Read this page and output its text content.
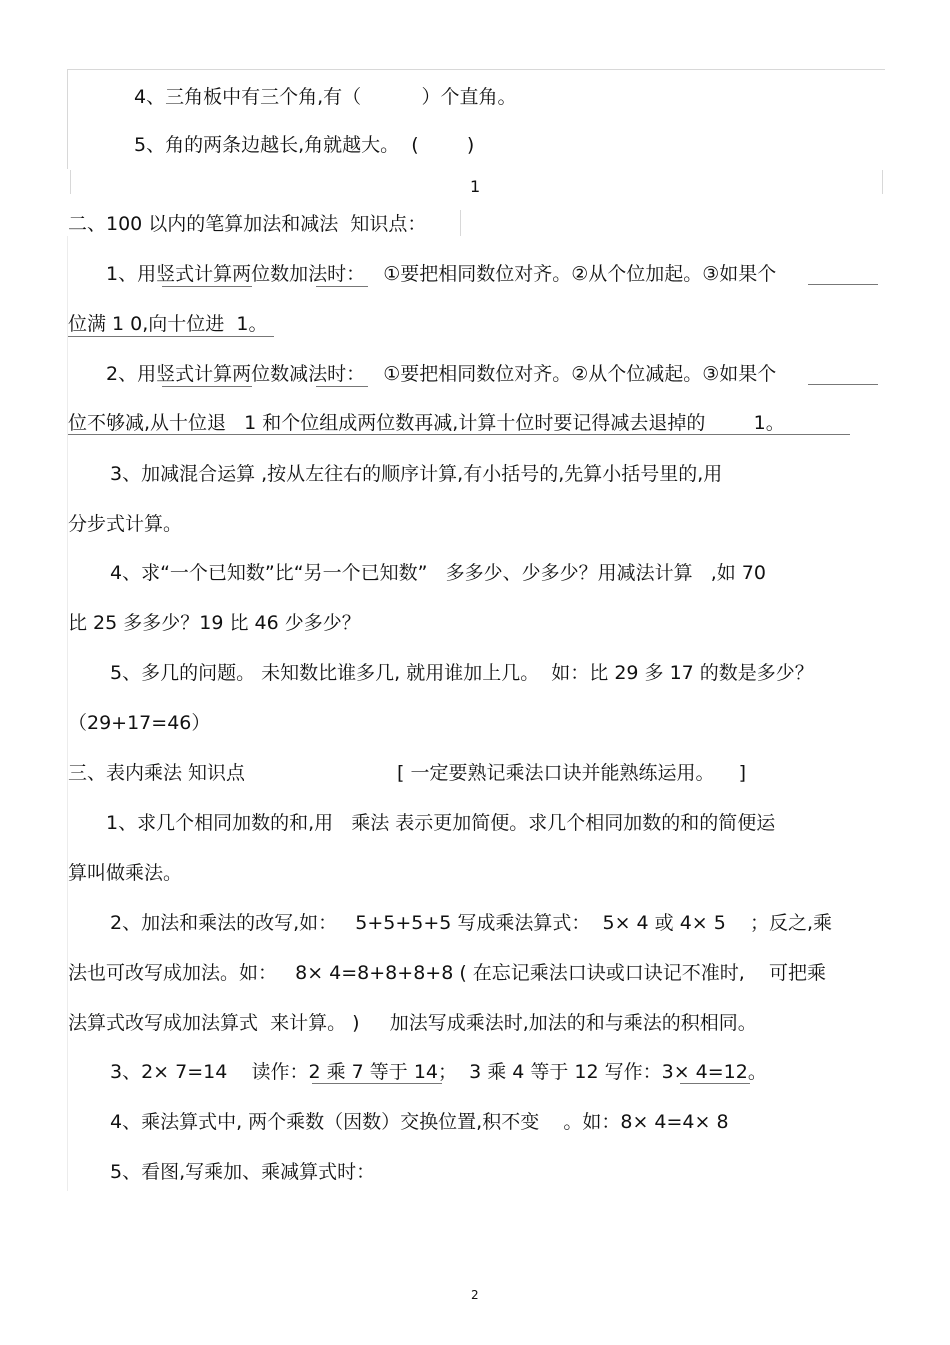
4、三角板中有三个角,有（          ）个直角。
5、角的两条边越长,角就越大。  (        )
1
二、100 以内的笔算加法和减法  知识点：
1、用竖式计算两位数加法时：   ①要把相同数位对齐。②从个位加起。③如果个
位满 1 0,向十位进  1。
2、用竖式计算两位数减法时：   ①要把相同数位对齐。②从个位减起。③如果个
位不够减,从十位退   1 和个位组成两位数再减,计算十位时要记得减去退掉的        1。
3、加减混合运算 ,按从左往右的顺序计算,有小括号的,先算小括号里的,用
分步式计算。
4、求“一个已知数”比“另一个已知数”   多多少、少多少？用减法计算   ,如 70
比 25 多多少？19 比 46 少多少？
5、多几的问题。 未知数比谁多几, 就用谁加上几。  如：比 29 多 17 的数是多少？
（29+17=46）
三、表内乘法 知识点	[ 一定要熟记乘法口诀并能熟练运用。    ]
1、求几个相同加数的和,用   乘法 表示更加简便。求几个相同加数的和的简便运
算叫做乘法。
2、加法和乘法的改写,如：   5+5+5+5 写成乘法算式：  5× 4 或 4× 5    ；反之,乘
法也可改写成加法。如：   8× 4=8+8+8+8 ( 在忘记乘法口诀或口诀记不准时,    可把乘
法算式改写成加法算式  来计算。 )     加法写成乘法时,加法的和与乘法的积相同。
3、2× 7=14    读作：2 乘 7 等于 14；  3 乘 4 等于 12 写作：3× 4=12。
4、乘法算式中, 两个乘数（因数）交换位置,积不变    。如：8× 4=4× 8
5、看图,写乘加、乘减算式时：
2
